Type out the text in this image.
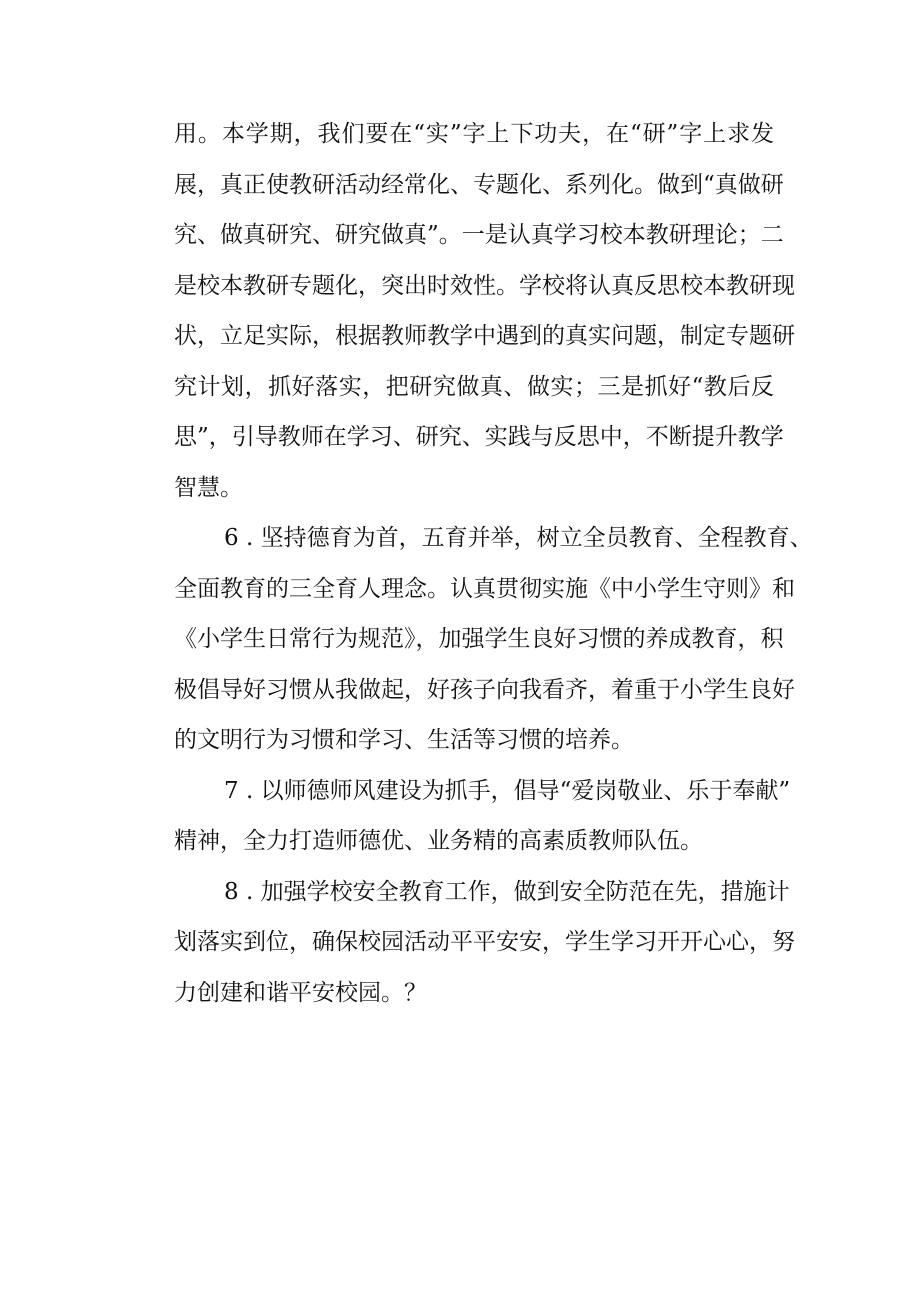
用。本学期，我们要在“实”字上下功夫，在“研”字上求发
展，真正使教研活动经常化、专题化、系列化。做到“真做研
究、做真研究、研究做真”。一是认真学习校本教研理论；二
是校本教研专题化，突出时效性。学校将认真反思校本教研现
状，立足实际，根据教师教学中遇到的真实问题，制定专题研
究计划，抓好落实，把研究做真、做实；三是抓好“教后反
思”，引导教师在学习、研究、实践与反思中，不断提升教学
智慧。
6 . 坚持德育为首，五育并举，树立全员教育、全程教育、
全面教育的三全育人理念。认真贯彻实施《中小学生守则》和
《小学生日常行为规范》，加强学生良好习惯的养成教育，积
极倡导好习惯从我做起，好孩子向我看齐，着重于小学生良好
的文明行为习惯和学习、生活等习惯的培养。
7 . 以师德师风建设为抓手，倡导“爱岗敬业、乐于奉献”
精神，全力打造师德优、业务精的高素质教师队伍。
8 . 加强学校安全教育工作，做到安全防范在先，措施计
划落实到位，确保校园活动平平安安，学生学习开开心心，努
力创建和谐平安校园。？
